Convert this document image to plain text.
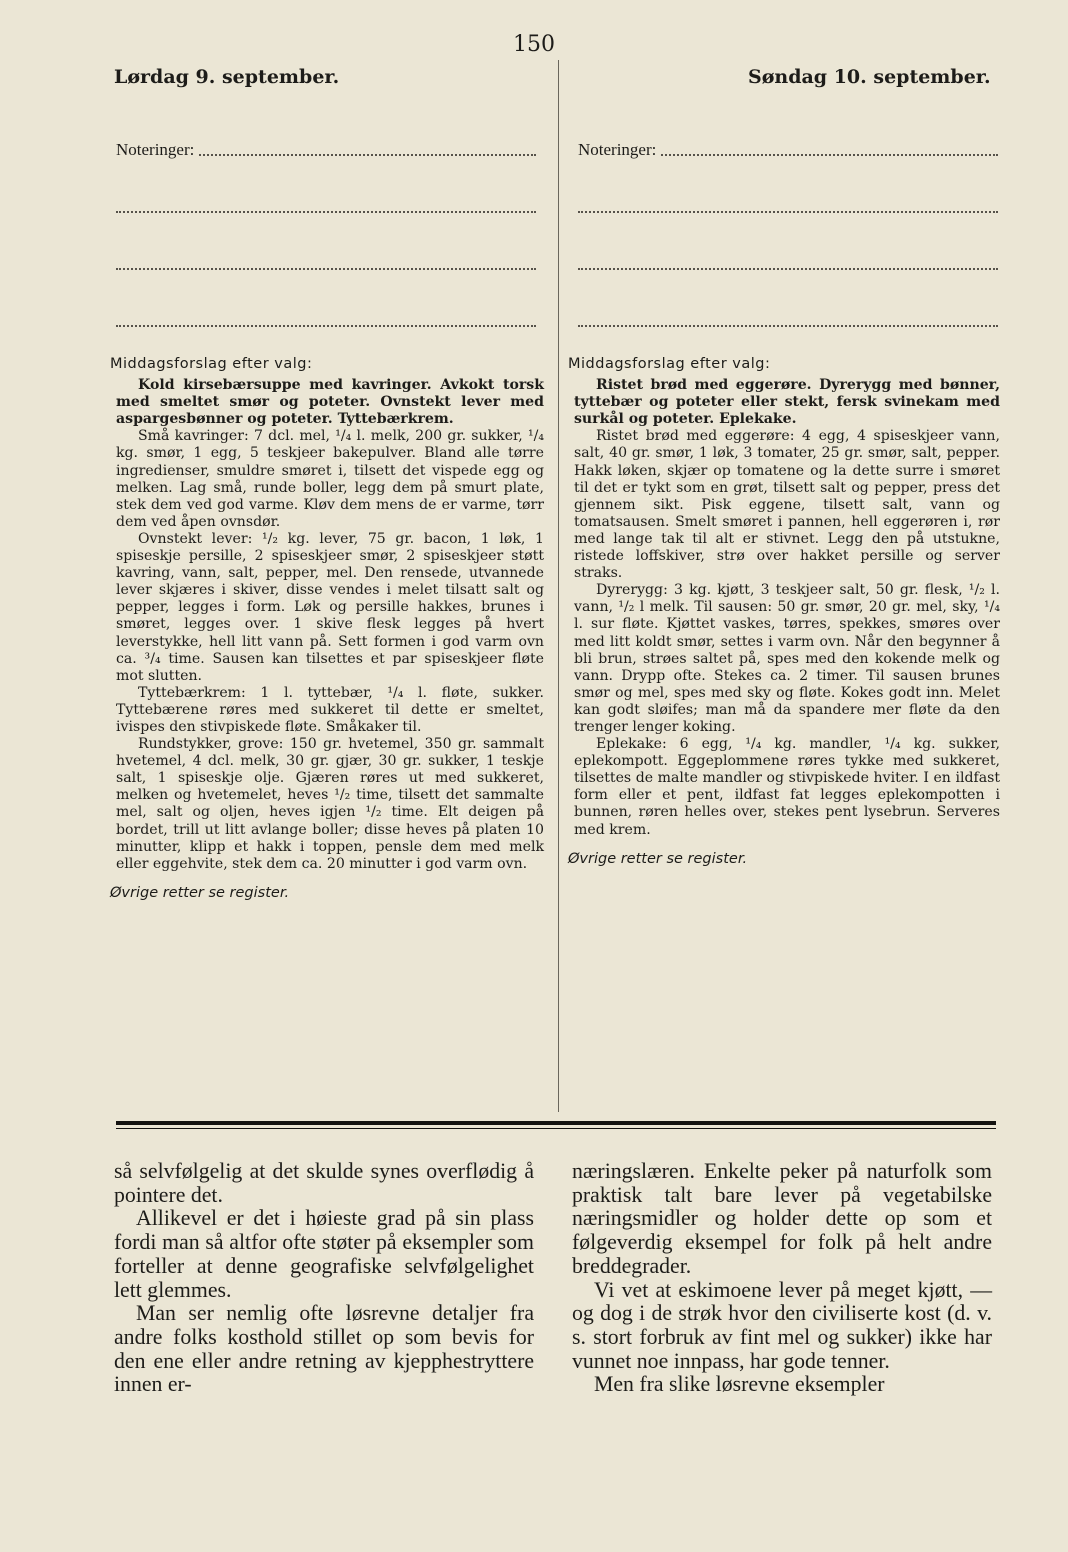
150
Lørdag 9. september.	Søndag 10. september.
Noteringer:	Noteringer:
Middagsforslag efter valg:

Kold kirsebærsuppe med kavringer. Avkokt torsk med smeltet smør og poteter. Ovnstekt lever med aspargesbønner og poteter. Tyttebærkrem.

Små kavringer: 7 dcl. mel, ¹/₄ l. melk, 200 gr. sukker, ¹/₄ kg. smør, 1 egg, 5 teskjeer bakepulver. Bland alle tørre ingredienser, smuldre smøret i, tilsett det vispede egg og melken. Lag små, runde boller, legg dem på smurt plate, stek dem ved god varme. Kløv dem mens de er varme, tørr dem ved åpen ovnsdør.

Ovnstekt lever: ¹/₂ kg. lever, 75 gr. bacon, 1 løk, 1 spiseskje persille, 2 spiseskjeer smør, 2 spiseskjeer støtt kavring, vann, salt, pepper, mel. Den rensede, utvannede lever skjæres i skiver, disse vendes i melet tilsatt salt og pepper, legges i form. Løk og persille hakkes, brunes i smøret, legges over. 1 skive flesk legges på hvert leverstykke, hell litt vann på. Sett formen i god varm ovn ca. ³/₄ time. Sausen kan tilsettes et par spiseskjeer fløte mot slutten.

Tyttebærkrem: 1 l. tyttebær, ¹/₄ l. fløte, sukker. Tyttebærene røres med sukkeret til dette er smeltet, ivispes den stivpiskede fløte. Småkaker til.

Rundstykker, grove: 150 gr. hvetemel, 350 gr. sammalt hvetemel, 4 dcl. melk, 30 gr. gjær, 30 gr. sukker, 1 teskje salt, 1 spiseskje olje. Gjæren røres ut med sukkeret, melken og hvetemelet, heves ¹/₂ time, tilsett det sammalte mel, salt og oljen, heves igjen ¹/₂ time. Elt deigen på bordet, trill ut litt avlange boller; disse heves på platen 10 minutter, klipp et hakk i toppen, pensle dem med melk eller eggehvite, stek dem ca. 20 minutter i god varm ovn.

Øvrige retter se register.
Middagsforslag efter valg:

Ristet brød med eggerøre. Dyrerygg med bønner, tyttebær og poteter eller stekt, fersk svinekam med surkål og poteter. Eplekake.

Ristet brød med eggerøre: 4 egg, 4 spiseskjeer vann, salt, 40 gr. smør, 1 løk, 3 tomater, 25 gr. smør, salt, pepper. Hakk løken, skjær op tomatene og la dette surre i smøret til det er tykt som en grøt, tilsett salt og pepper, press det gjennem sikt. Pisk eggene, tilsett salt, vann og tomatsausen. Smelt smøret i pannen, hell eggerøren i, rør med lange tak til alt er stivnet. Legg den på utstukne, ristede loffskiver, strø over hakket persille og server straks.

Dyrerygg: 3 kg. kjøtt, 3 teskjeer salt, 50 gr. flesk, ¹/₂ l. vann, ¹/₂ l melk. Til sausen: 50 gr. smør, 20 gr. mel, sky, ¹/₄ l. sur fløte. Kjøttet vaskes, tørres, spekkes, smøres over med litt koldt smør, settes i varm ovn. Når den begynner å bli brun, strøes saltet på, spes med den kokende melk og vann. Drypp ofte. Stekes ca. 2 timer. Til sausen brunes smør og mel, spes med sky og fløte. Kokes godt inn. Melet kan godt sløifes; man må da spandere mer fløte da den trenger lenger koking.

Eplekake: 6 egg, ¹/₄ kg. mandler, ¹/₄ kg. sukker, eplekompott. Eggeplommene røres tykke med sukkeret, tilsettes de malte mandler og stivpiskede hviter. I en ildfast form eller et pent, ildfast fat legges eplekompotten i bunnen, røren helles over, stekes pent lysebrun. Serveres med krem.

Øvrige retter se register.

så selvfølgelig at det skulde synes overflødig å pointere det.

Allikevel er det i høieste grad på sin plass fordi man så altfor ofte støter på eksempler som forteller at denne geografiske selvfølgelighet lett glemmes.

Man ser nemlig ofte løsrevne detaljer fra andre folks kosthold stillet op som bevis for den ene eller andre retning av kjepphestryttere innen er-

næringslæren. Enkelte peker på naturfolk som praktisk talt bare lever på vegetabilske næringsmidler og holder dette op som et følgeverdig eksempel for folk på helt andre breddegrader.

Vi vet at eskimoene lever på meget kjøtt, — og dog i de strøk hvor den civiliserte kost (d. v. s. stort forbruk av fint mel og sukker) ikke har vunnet noe innpass, har gode tenner.

Men fra slike løsrevne eksempler
